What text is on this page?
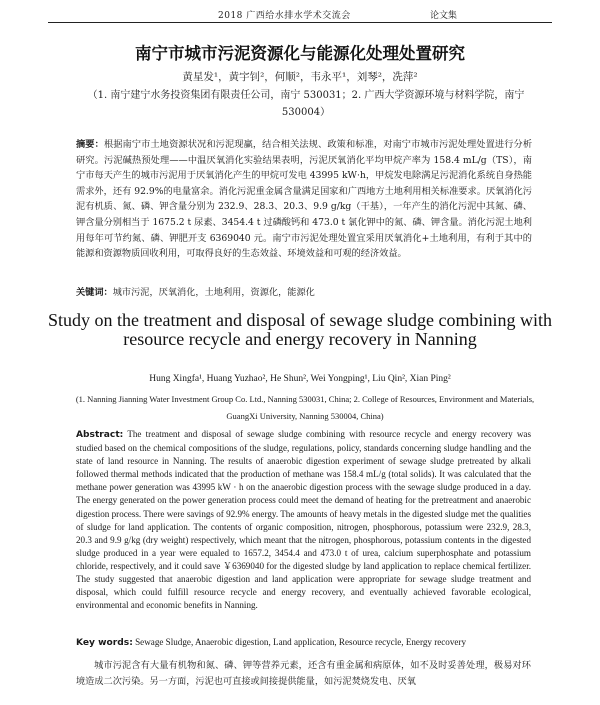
2018 广西给水排水学术交流会	论文集
南宁市城市污泥资源化与能源化处理处置研究
黄星发¹，黄宇钊²，何顺²，韦永平¹，刘琴²，冼萍²
（1. 南宁建宁水务投资集团有限责任公司，南宁 530031；2. 广西大学资源环境与材料学院，南宁 530004）
摘要：根据南宁市土地资源状况和污泥现赢，结合相关法规、政策和标准，对南宁市城市污泥处理处置进行分析研究。污泥碱热预处理——中温厌氧消化实验结果表明，污泥厌氧消化平均甲烷产率为 158.4 mL/g（TS），南宁市每天产生的城市污泥用于厌氧消化产生的甲烷可发电 43995 kW·h，甲烷发电除满足污泥消化系统自身热能需求外，还有 92.9%的电量富余。消化污泥重金属含量满足国家和广西地方土地利用相关标准要求。厌氧消化污泥有机质、氮、磷、钾含量分别为 232.9、28.3、20.3、9.9 g/kg（干基），一年产生的消化污泥中其氮、磷、钾含量分别相当于 1675.2 t 尿素、3454.4 t 过磷酸钙和 473.0 t 氯化钾中的氮、磷、钾含量。消化污泥土地利用每年可节约氮、磷、钾肥开支 6369040 元。南宁市污泥处理处置宜采用厌氧消化+土地利用，有利于其中的能源和资源物质回收利用，可取得良好的生态效益、环境效益和可观的经济效益。
关键词：城市污泥，厌氧消化，土地利用，资源化，能源化
Study on the treatment and disposal of sewage sludge combining with resource recycle and energy recovery in Nanning
Hung Xingfa¹, Huang Yuzhao², He Shun², Wei Yongping¹, Liu Qin², Xian Ping²
(1. Nanning Jianning Water Investment Group Co. Ltd., Nanning 530031, China; 2. College of Resources, Environment and Materials, GuangXi University, Nanning 530004, China)
Abstract: The treatment and disposal of sewage sludge combining with resource recycle and energy recovery was studied based on the chemical compositions of the sludge, regulations, policy, standards concerning sludge handling and the state of land resource in Nanning. The results of anaerobic digestion experiment of sewage sludge pretreated by alkali followed thermal methods indicated that the production of methane was 158.4 mL/g (total solids). It was calculated that the methane power generation was 43995 kW · h on the anaerobic digestion process with the sewage sludge produced in a day. The energy generated on the power generation process could meet the demand of heating for the pretreatment and anaerobic digestion process. There were savings of 92.9% energy. The amounts of heavy metals in the digested sludge met the qualities of sludge for land application. The contents of organic composition, nitrogen, phosphorous, potassium were 232.9, 28.3, 20.3 and 9.9 g/kg (dry weight) respectively, which meant that the nitrogen, phosphorous, potassium contents in the digested sludge produced in a year were equaled to 1657.2, 3454.4 and 473.0 t of urea, calcium superphosphate and potassium chloride, respectively, and it could save ￥6369040 for the digested sludge by land application to replace chemical fertilizer. The study suggested that anaerobic digestion and land application were appropriate for sewage sludge treatment and disposal, which could fulfill resource recycle and energy recovery, and eventually achieved favorable ecological, environmental and economic benefits in Nanning.
Key words: Sewage Sludge, Anaerobic digestion, Land application, Resource recycle, Energy recovery
城市污泥含有大量有机物和氮、磷、钾等营养元素，还含有重金属和病原体，如不及时妥善处理，极易对环境造成二次污染。另一方面，污泥也可直接或间接提供能量，如污泥焚烧发电、厌氧
